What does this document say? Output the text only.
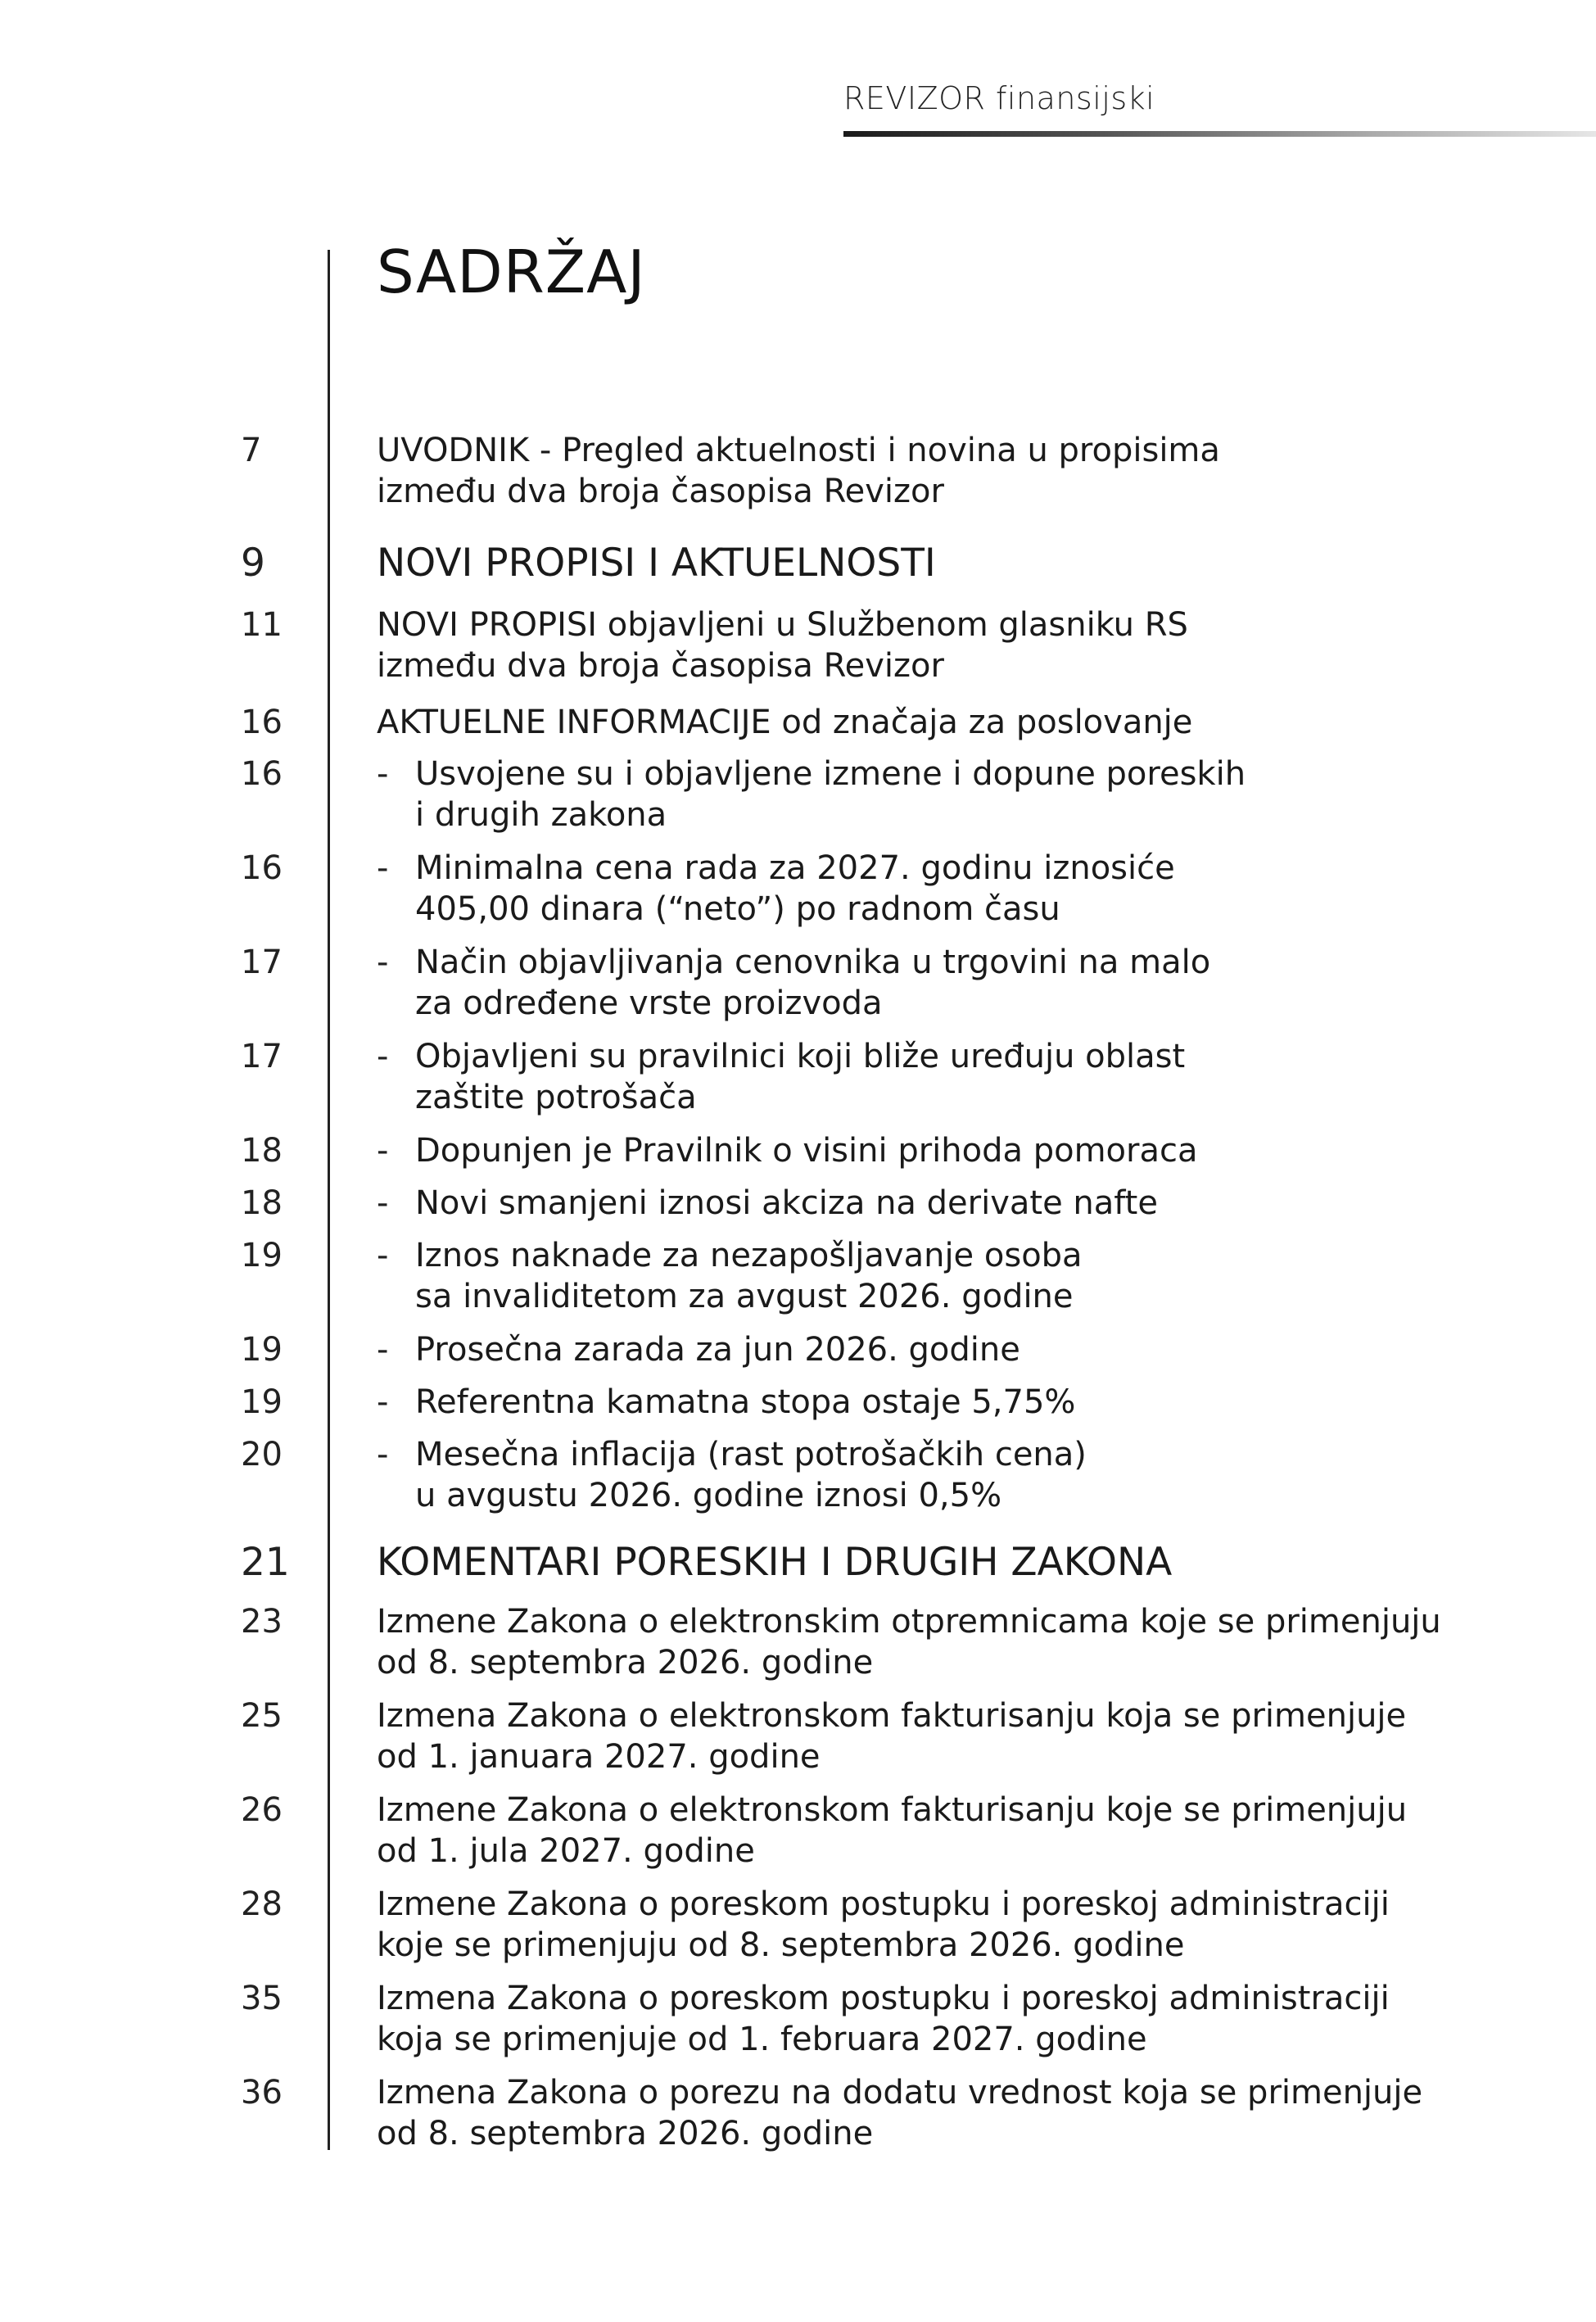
REVIZOR finansijski
SADRŽAJ
7	UVODNIK - Pregled aktuelnosti i novina u propisima
između dva broja časopisa Revizor
9	NOVI PROPISI I AKTUELNOSTI
11	NOVI PROPISI objavljeni u Službenom glasniku RS
između dva broja časopisa Revizor
16	AKTUELNE INFORMACIJE od značaja za poslovanje
16	- Usvojene su i objavljene izmene i dopune poreskih
i drugih zakona
16	- Minimalna cena rada za 2027. godinu iznosiće
405,00 dinara (“neto”) po radnom času
17	- Način objavljivanja cenovnika u trgovini na malo
za određene vrste proizvoda
17	- Objavljeni su pravilnici koji bliže uređuju oblast
zaštite potrošača
18	- Dopunjen je Pravilnik o visini prihoda pomoraca
18	- Novi smanjeni iznosi akciza na derivate nafte
19	- Iznos naknade za nezapošljavanje osoba
sa invaliditetom za avgust 2026. godine
19	- Prosečna zarada za jun 2026. godine
19	- Referentna kamatna stopa ostaje 5,75%
20	- Mesečna inflacija (rast potrošačkih cena)
u avgustu 2026. godine iznosi 0,5%
21 KOMENTARI PORESKIH I DRUGIH ZAKONA
23	Izmene Zakona o elektronskim otpremnicama koje se primenjuju
od 8. septembra 2026. godine
25	Izmena Zakona o elektronskom fakturisanju koja se primenjuje
od 1. januara 2027. godine
26	Izmene Zakona o elektronskom fakturisanju koje se primenjuju
od 1. jula 2027. godine
28	Izmene Zakona o poreskom postupku i poreskoj administraciji
koje se primenjuju od 8. septembra 2026. godine
35	Izmena Zakona o poreskom postupku i poreskoj administraciji
koja se primenjuje od 1. februara 2027. godine
36	Izmena Zakona o porezu na dodatu vrednost koja se primenjuje
od 8. septembra 2026. godine
